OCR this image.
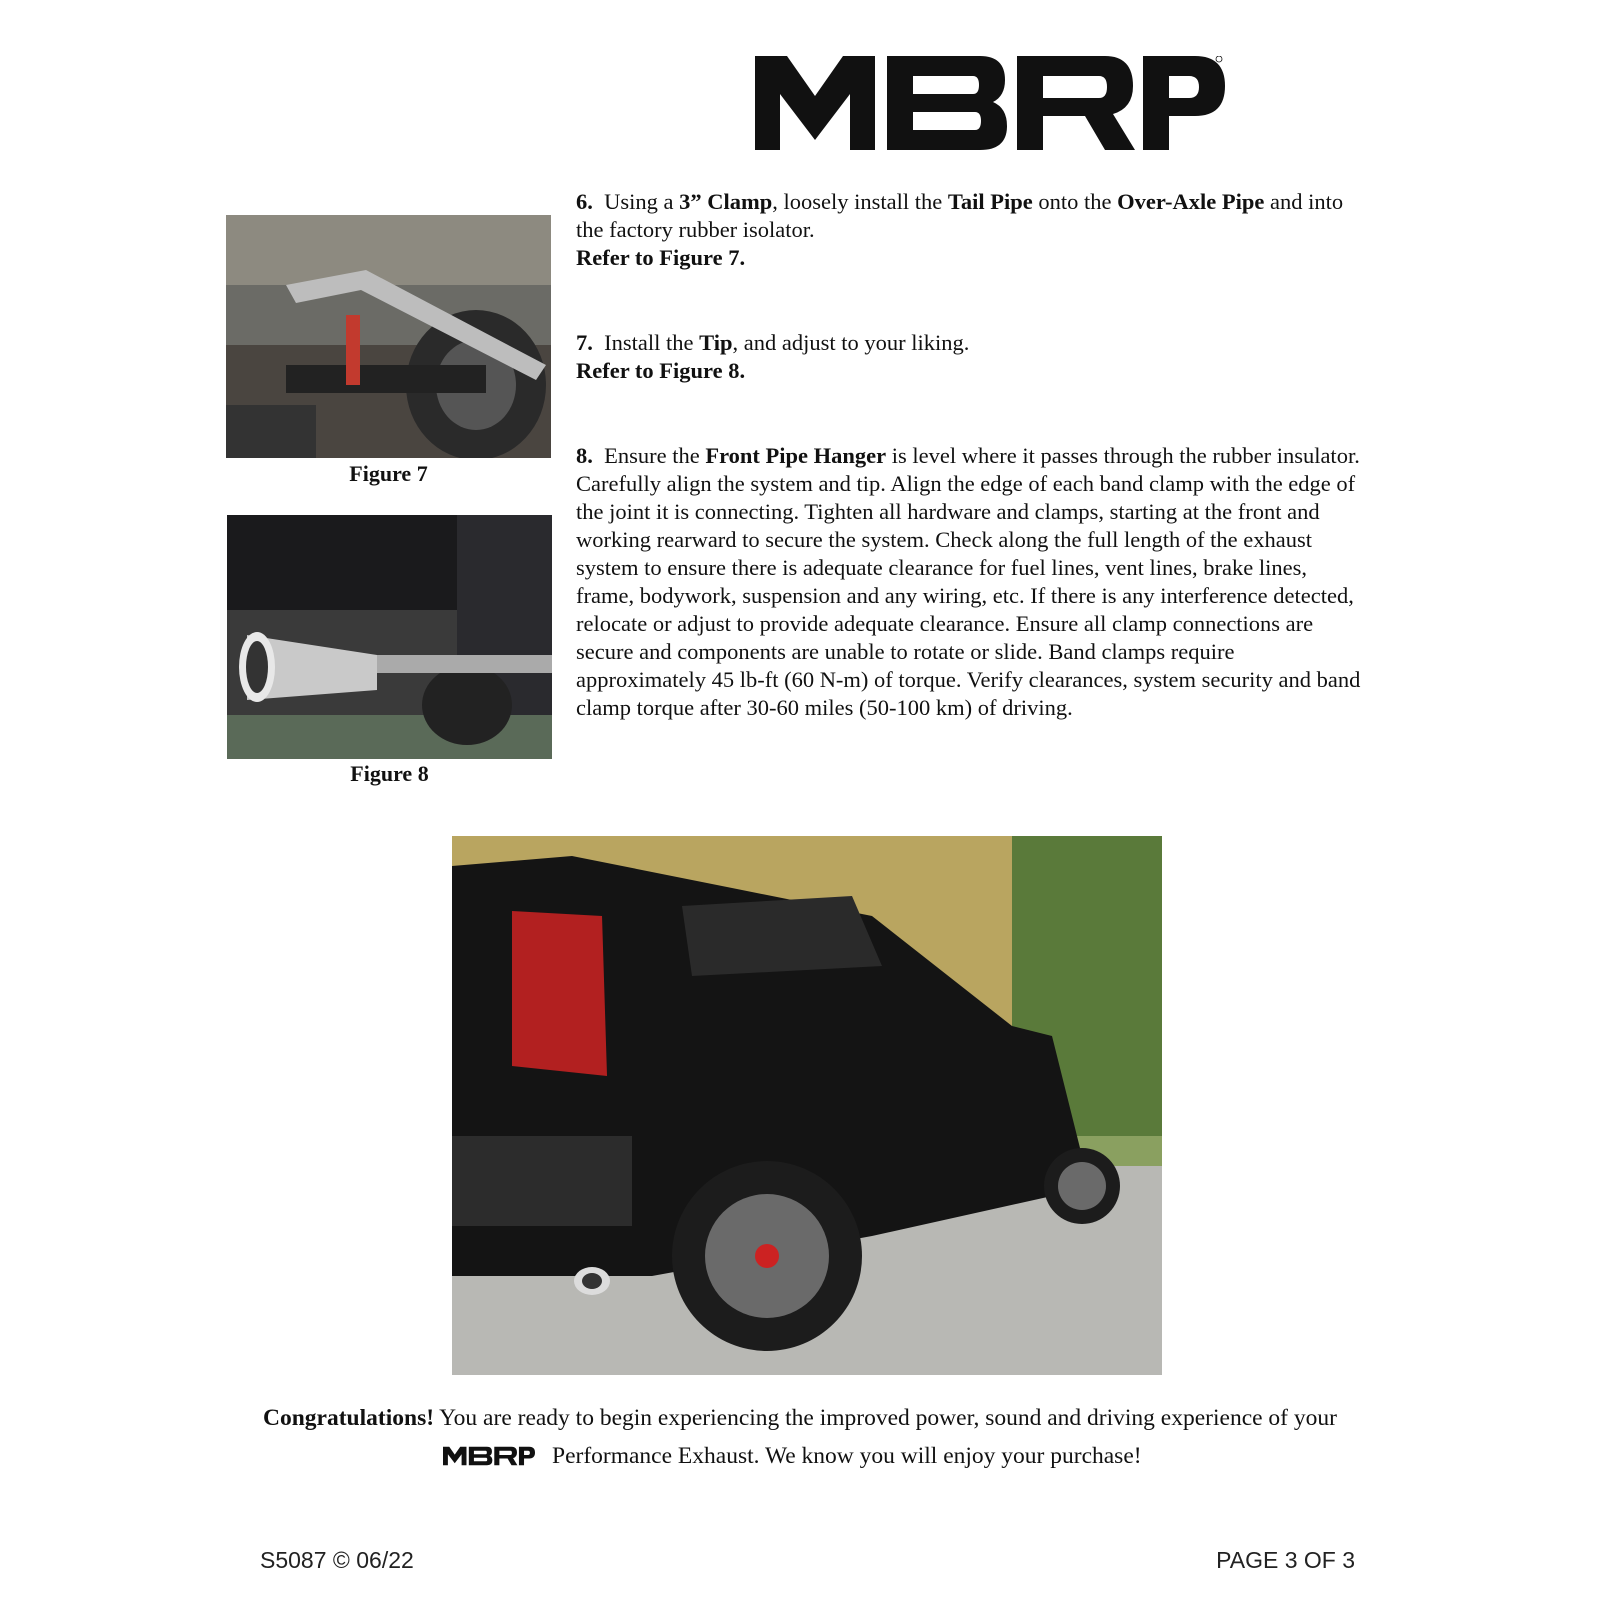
Figure 7
Figure 8
6. Using a 3” Clamp, loosely install the Tail Pipe onto the Over-Axle Pipe and into the factory rubber isolator.
Refer to Figure 7.
7. Install the Tip, and adjust to your liking.
Refer to Figure 8.
8. Ensure the Front Pipe Hanger is level where it passes through the rubber insulator. Carefully align the system and tip. Align the edge of each band clamp with the edge of the joint it is connecting. Tighten all hardware and clamps, starting at the front and working rearward to secure the system. Check along the full length of the exhaust system to ensure there is adequate clearance for fuel lines, vent lines, brake lines, frame, bodywork, suspension and any wiring, etc. If there is any interference detected, relocate or adjust to provide adequate clearance. Ensure all clamp connections are secure and components are unable to rotate or slide. Band clamps require approximately 45 lb-ft (60 N-m) of torque. Verify clearances, system security and band clamp torque after 30-60 miles (50-100 km) of driving.
Congratulations! You are ready to begin experiencing the improved power, sound and driving experience of your
Performance Exhaust. We know you will enjoy your purchase!
S5087 © 06/22	PAGE 3 OF 3
